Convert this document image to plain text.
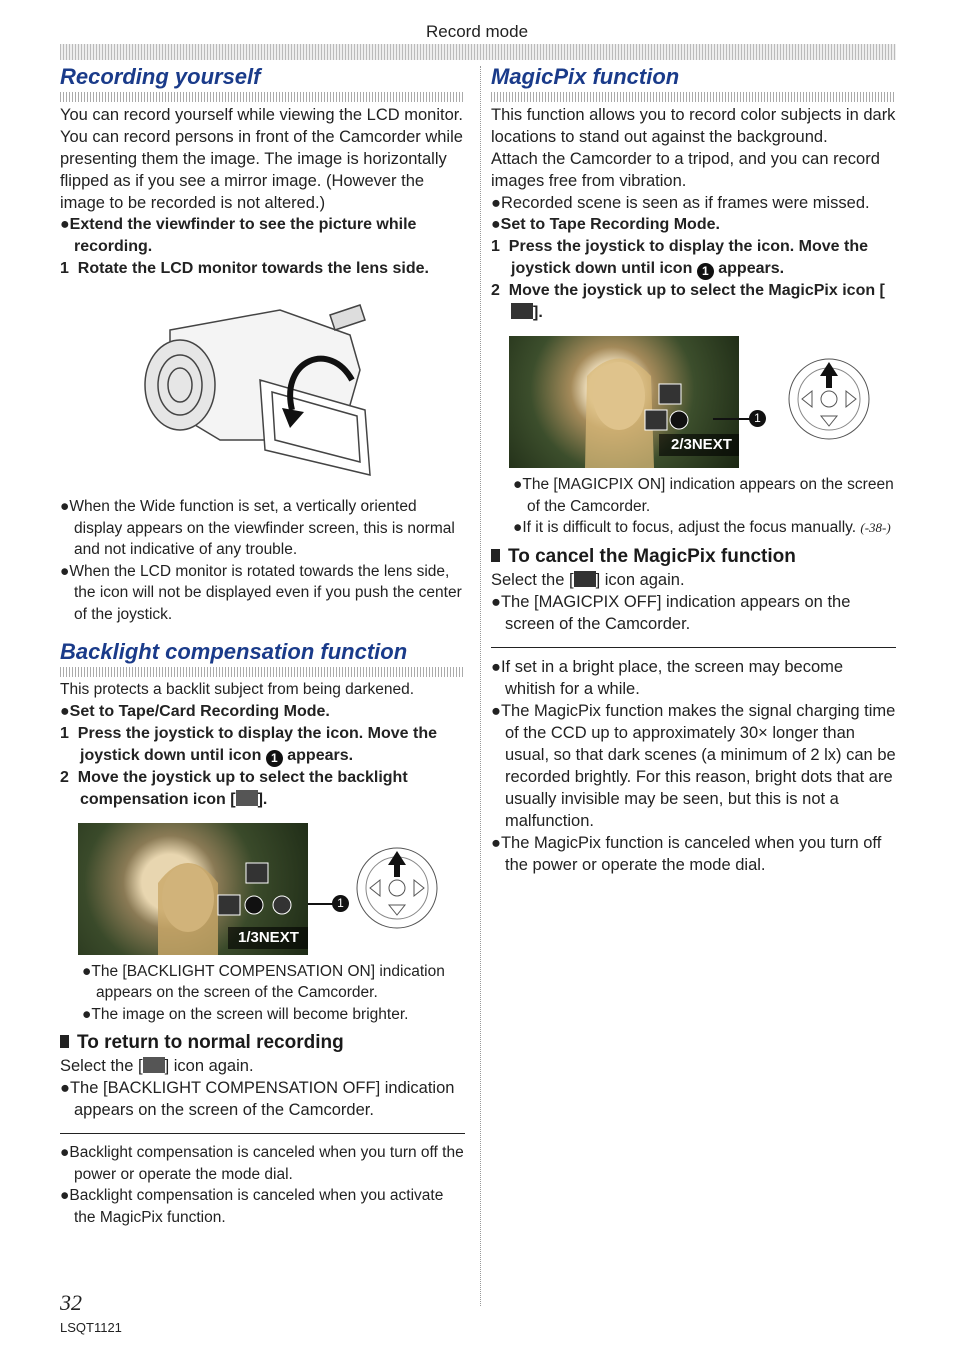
Record mode
Recording yourself

You can record yourself while viewing the LCD monitor. You can record persons in front of the Camcorder while presenting them the image. The image is horizontally flipped as if you see a mirror image. (However the image to be recorded is not altered.)

●Extend the viewfinder to see the picture while recording.

1 Rotate the LCD monitor towards the lens side.

●When the Wide function is set, a vertically oriented display appears on the viewfinder screen, this is normal and not indicative of any trouble.

●When the LCD monitor is rotated towards the lens side, the icon will not be displayed even if you push the center of the joystick.

Backlight compensation function

This protects a backlit subject from being darkened.

●Set to Tape/Card Recording Mode.

1 Press the joystick to display the icon. Move the joystick down until icon 1 appears.

2 Move the joystick up to select the backlight compensation icon [ ].

1/3NEXT
1

●The [BACKLIGHT COMPENSATION ON] indication appears on the screen of the Camcorder.

●The image on the screen will become brighter.

To return to normal recording

Select the [ ] icon again.

●The [BACKLIGHT COMPENSATION OFF] indication appears on the screen of the Camcorder.

●Backlight compensation is canceled when you turn off the power or operate the mode dial.

●Backlight compensation is canceled when you activate the MagicPix function.

MagicPix function

This function allows you to record color subjects in dark locations to stand out against the background.

Attach the Camcorder to a tripod, and you can record images free from vibration.

●Recorded scene is seen as if frames were missed.

●Set to Tape Recording Mode.

1 Press the joystick to display the icon. Move the joystick down until icon 1 appears.

2 Move the joystick up to select the MagicPix icon [].

2/3NEXT
1

●The [MAGICPIX ON] indication appears on the screen of the Camcorder.

●If it is difficult to focus, adjust the focus manually. (-38-)

To cancel the MagicPix function

Select the [ ] icon again.

●The [MAGICPIX OFF] indication appears on the screen of the Camcorder.

●If set in a bright place, the screen may become whitish for a while.

●The MagicPix function makes the signal charging time of the CCD up to approximately 30× longer than usual, so that dark scenes (a minimum of 2 lx) can be recorded brightly. For this reason, bright dots that are usually invisible may be seen, but this is not a malfunction.

●The MagicPix function is canceled when you turn off the power or operate the mode dial.

32
LSQT1121
